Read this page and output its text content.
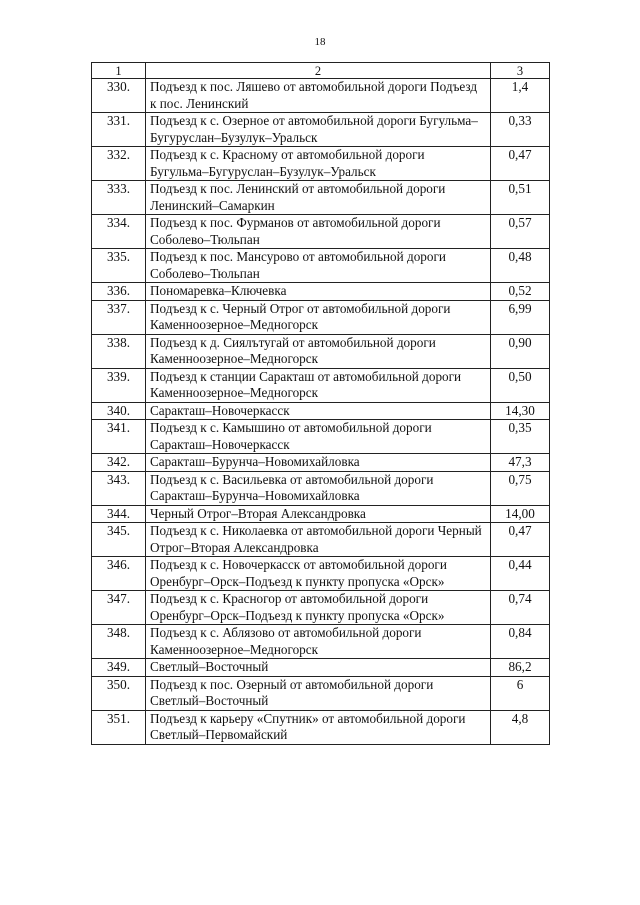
18
1	2	3
330.	Подъезд к пос. Ляшево от автомобильной дороги Подъезд к пос. Ленинский	1,4
331.	Подъезд к с. Озерное от автомобильной дороги Бугульма–Бугуруслан–Бузулук–Уральск	0,33
332.	Подъезд к с. Красному от автомобильной дороги Бугульма–Бугуруслан–Бузулук–Уральск	0,47
333.	Подъезд к пос. Ленинский от автомобильной дороги Ленинский–Самаркин	0,51
334.	Подъезд к пос. Фурманов от автомобильной дороги Соболево–Тюльпан	0,57
335.	Подъезд к пос. Мансурово от автомобильной дороги Соболево–Тюльпан	0,48
336.	Пономаревка–Ключевка	0,52
337.	Подъезд к с. Черный Отрог от автомобильной дороги Каменноозерное–Медногорск	6,99
338.	Подъезд к д. Сиялътугай от автомобильной дороги Каменноозерное–Медногорск	0,90
339.	Подъезд к станции Саракташ от автомобильной дороги Каменноозерное–Медногорск	0,50
340.	Саракташ–Новочеркасск	14,30
341.	Подъезд к с. Камышино от автомобильной дороги Саракташ–Новочеркасск	0,35
342.	Саракташ–Бурунча–Новомихайловка	47,3
343.	Подъезд к с. Васильевка от автомобильной дороги Саракташ–Бурунча–Новомихайловка	0,75
344.	Черный Отрог–Вторая Александровка	14,00
345.	Подъезд к с. Николаевка от автомобильной дороги Черный Отрог–Вторая Александровка	0,47
346.	Подъезд к с. Новочеркасск от автомобильной дороги Оренбург–Орск–Подъезд к пункту пропуска «Орск»	0,44
347.	Подъезд к с. Красногор от автомобильной дороги Оренбург–Орск–Подъезд к пункту пропуска «Орск»	0,74
348.	Подъезд к с. Аблязово от автомобильной дороги Каменноозерное–Медногорск	0,84
349.	Светлый–Восточный	86,2
350.	Подъезд к пос. Озерный от автомобильной дороги Светлый–Восточный	6
351.	Подъезд к карьеру «Спутник» от автомобильной дороги Светлый–Первомайский	4,8
